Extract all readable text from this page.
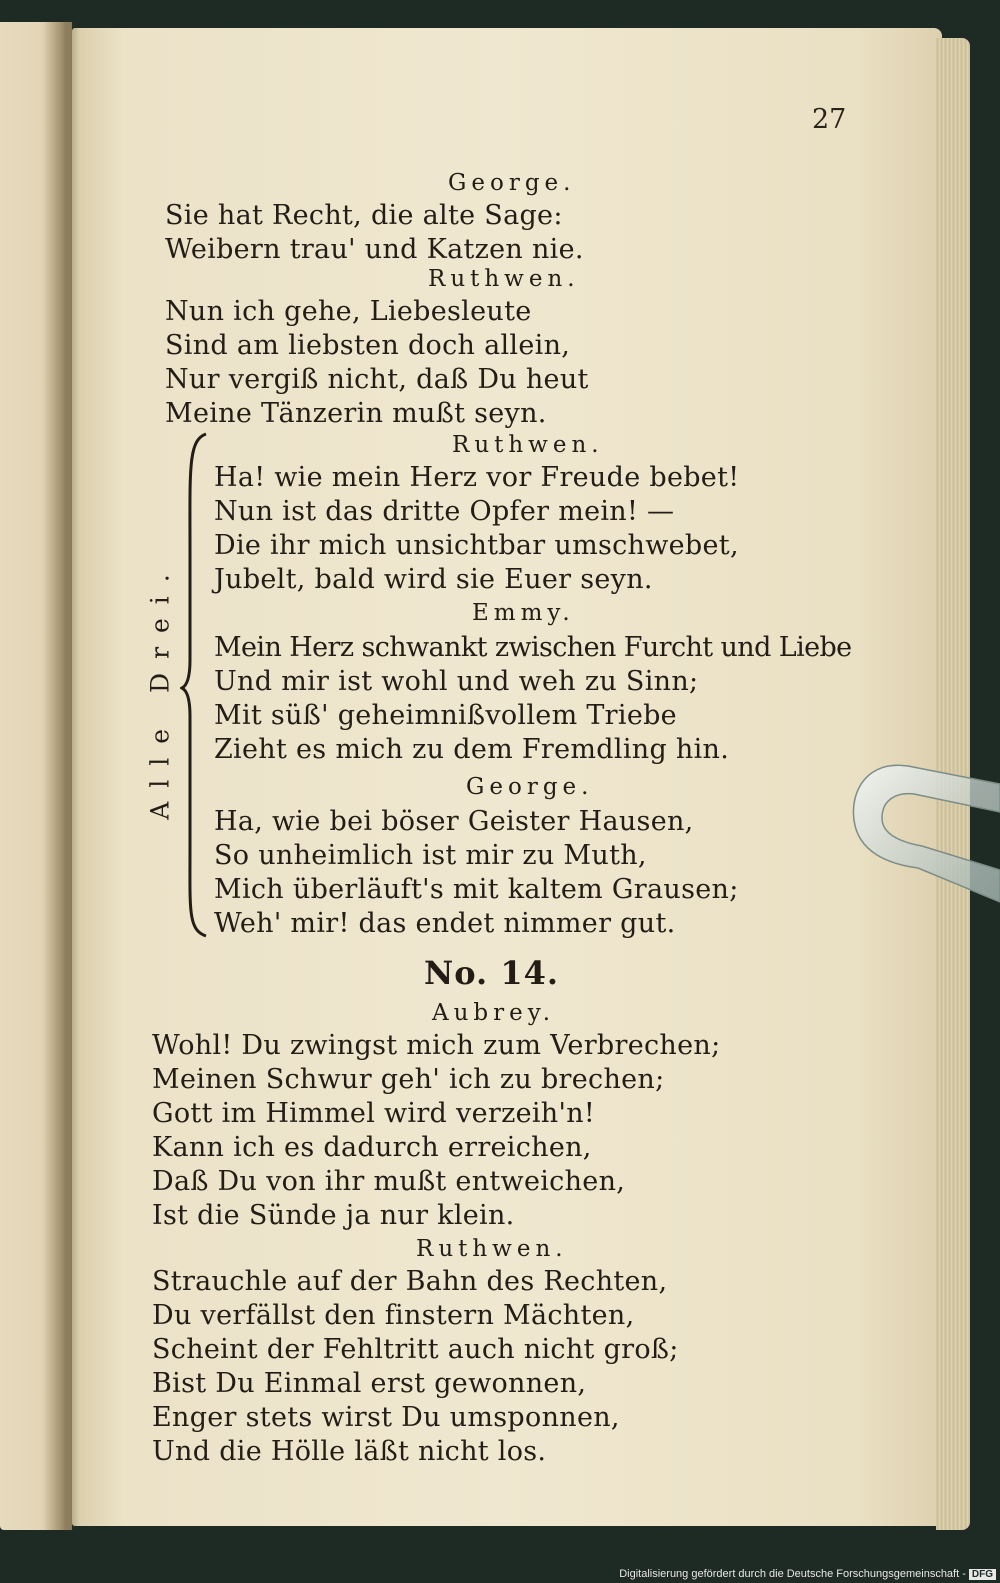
27
George.
Sie hat Recht, die alte Sage:
Weibern trau' und Katzen nie.
Ruthwen.
Nun ich gehe, Liebesleute
Sind am liebsten doch allein,
Nur vergiß nicht, daß Du heut
Meine Tänzerin mußt seyn.
Ruthwen.
Ha! wie mein Herz vor Freude bebet!
Nun ist das dritte Opfer mein! —
Die ihr mich unsichtbar umschwebet,
Jubelt, bald wird sie Euer seyn.
Emmy.
Mein Herz schwankt zwischen Furcht und Liebe
Und mir ist wohl und weh zu Sinn;
Mit süß' geheimnißvollem Triebe
Zieht es mich zu dem Fremdling hin.
George.
Ha, wie bei böser Geister Hausen,
So unheimlich ist mir zu Muth,
Mich überläuft's mit kaltem Grausen;
Weh' mir! das endet nimmer gut.
No. 14.
Aubrey.
Wohl! Du zwingst mich zum Verbrechen;
Meinen Schwur geh' ich zu brechen;
Gott im Himmel wird verzeih'n!
Kann ich es dadurch erreichen,
Daß Du von ihr mußt entweichen,
Ist die Sünde ja nur klein.
Ruthwen.
Strauchle auf der Bahn des Rechten,
Du verfällst den finstern Mächten,
Scheint der Fehltritt auch nicht groß;
Bist Du Einmal erst gewonnen,
Enger stets wirst Du umsponnen,
Und die Hölle läßt nicht los.
Alle Drei.
Digitalisierung gefördert durch die Deutsche Forschungsgemeinschaft - DFG
